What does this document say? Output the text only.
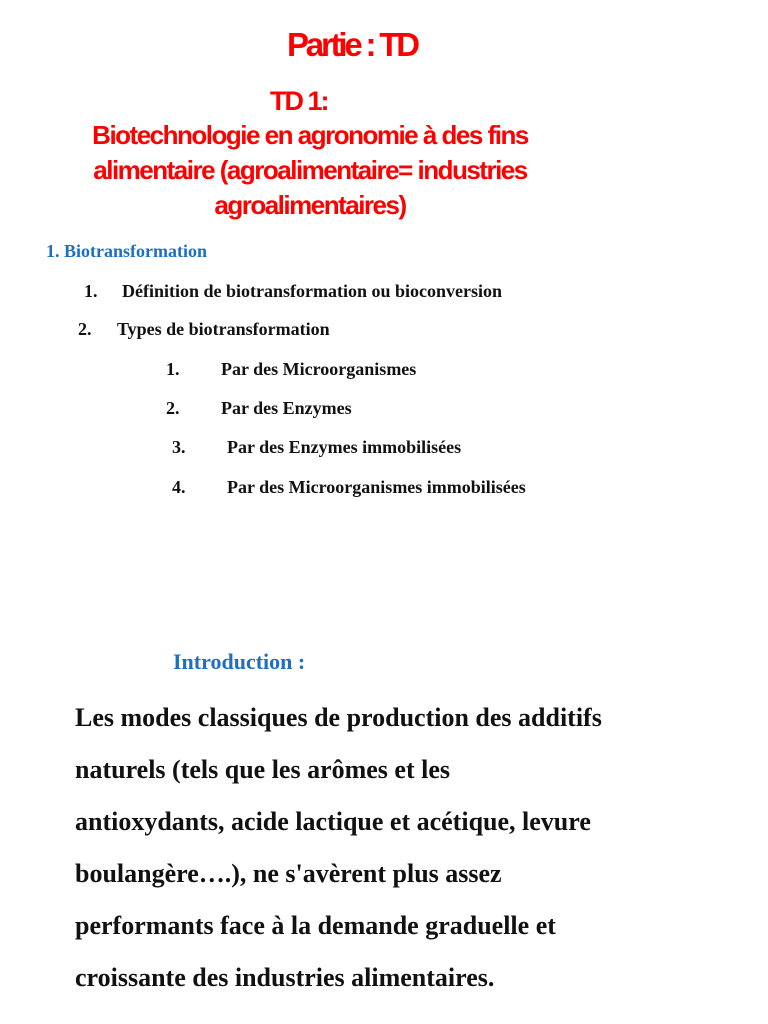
Partie : TD
TD 1:
Biotechnologie en agronomie à des fins
alimentaire (agroalimentaire= industries
agroalimentaires)
1. Biotransformation
1. Définition de biotransformation ou bioconversion
2. Types de biotransformation
1. Par des Microorganismes
2. Par des Enzymes
3. Par des Enzymes immobilisées
4. Par des Microorganismes immobilisées
Introduction :
Les modes classiques de production des additifs
naturels (tels que les arômes et les
antioxydants, acide lactique et acétique, levure
boulangère….), ne s'avèrent plus assez
performants face à la demande graduelle et
croissante des industries alimentaires.
